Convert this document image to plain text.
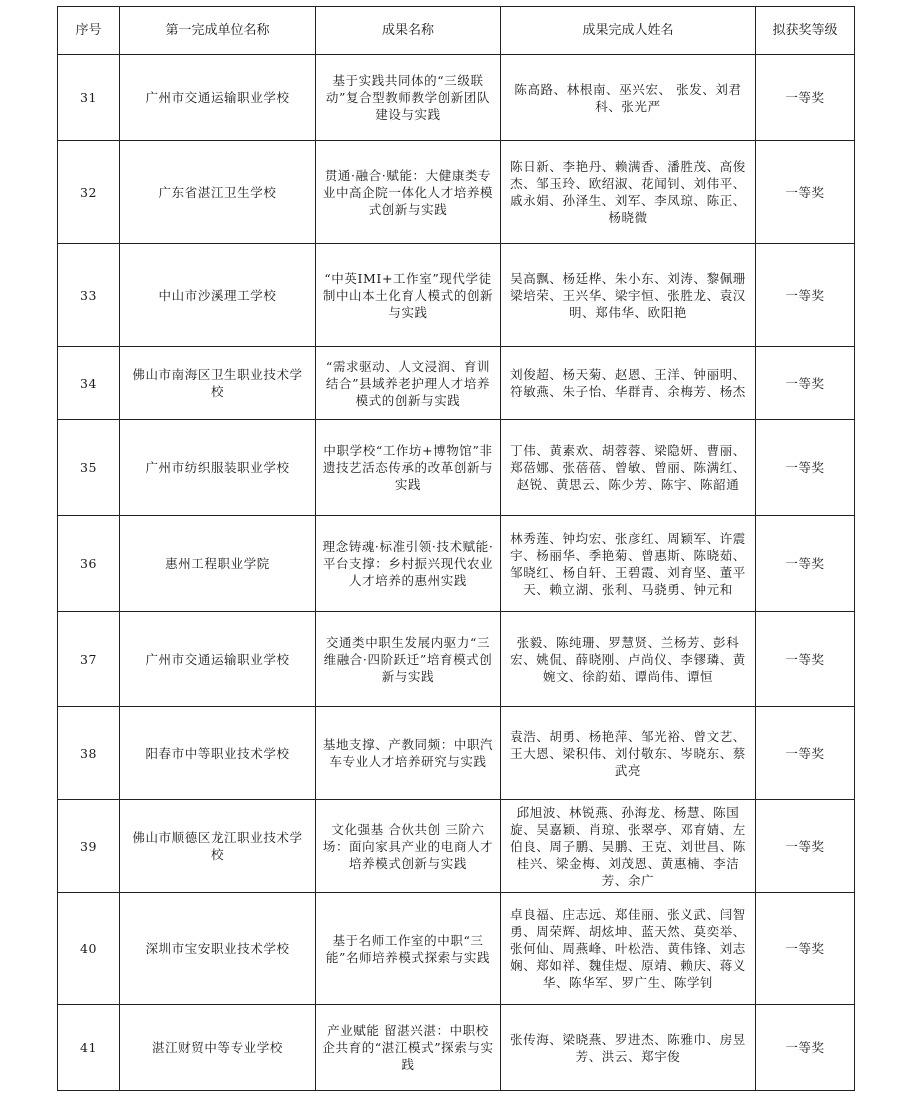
序号	第一完成单位名称	成果名称	成果完成人姓名	拟获奖等级
31	广州市交通运输职业学校	基于实践共同体的“三级联动”复合型教师教学创新团队建设与实践	陈高路、林根南、巫兴宏、 张发、刘君科、张光严	一等奖
32	广东省湛江卫生学校	贯通·融合·赋能：大健康类专业中高企院一体化人才培养模式创新与实践	陈日新、李艳丹、赖满香、潘胜茂、高俊杰、邹玉玲、欧绍淑、花闻钊、刘伟平、戚永娟、孙泽生、刘军、李凤琼、陈正、杨晓微	一等奖
33	中山市沙溪理工学校	“中英IMI+工作室”现代学徒制中山本土化育人模式的创新与实践	吴高飘、杨廷桦、朱小东、刘涛、黎佩珊梁培荣、王兴华、梁宇恒、张胜龙、袁汉明、郑伟华、欧阳艳	一等奖
34	佛山市南海区卫生职业技术学校	“需求驱动、人文浸润、育训结合”县域养老护理人才培养模式的创新与实践	刘俊超、杨天菊、赵恩、王洋、钟丽明、符敏燕、朱子怡、华群青、余梅芳、杨杰	一等奖
35	广州市纺织服装职业学校	中职学校“工作坊+博物馆”非遗技艺活态传承的改革创新与实践	丁伟、黄素欢、胡蓉蓉、梁隐妍、曹丽、郑蓓娜、张蓓蓓、曾敏、曾丽、陈满红、赵锐、黄思云、陈少芳、陈宇、陈韶通	一等奖
36	惠州工程职业学院	理念铸魂·标准引领·技术赋能·平台支撑：乡村振兴现代农业人才培养的惠州实践	林秀莲、钟均宏、张彦红、周颖军、许震宇、杨丽华、季艳菊、曾惠斯、陈晓茹、邹晓红、杨自轩、王碧霞、刘育坚、董平天、赖立湖、张利、马骁勇、钟元和	一等奖
37	广州市交通运输职业学校	交通类中职生发展内驱力“三维融合·四阶跃迁”培育模式创新与实践	张毅、陈纯珊、罗慧贤、兰杨芳、彭科宏、姚侃、薛晓刚、卢尚仪、李镠璘、黄婉文、徐韵茹、谭尚伟、谭恒	一等奖
38	阳春市中等职业技术学校	基地支撑、产教同频：中职汽车专业人才培养研究与实践	袁浩、胡勇、杨艳萍、邹光裕、曾文艺、王大恩、梁积伟、刘付敬东、岑晓东、蔡武亮	一等奖
39	佛山市顺德区龙江职业技术学校	文化强基 合伙共创 三阶六场：面向家具产业的电商人才培养模式创新与实践	邱旭波、林锐燕、孙海龙、杨慧、陈国旋、吴嘉颖、肖琼、张翠亭、邓育婧、左伯良、周子鹏、吴鹏、王克、刘世昌、陈桂兴、梁金梅、刘茂恩、黄惠楠、李洁芳、余广	一等奖
40	深圳市宝安职业技术学校	基于名师工作室的中职“三能”名师培养模式探索与实践	卓良福、庄志远、郑佳丽、张义武、闫智勇、周荣辉、胡炫坤、蓝天然、莫奕举、张何仙、周燕峰、叶松浩、黄伟锋、刘志娴、郑如祥、魏佳煜、原靖、赖庆、蒋义华、陈华军、罗广生、陈学钊	一等奖
41	湛江财贸中等专业学校	产业赋能 留湛兴湛：中职校企共育的“湛江模式”探索与实践	张传海、梁晓燕、罗进杰、陈雅巾、房昱芳、洪云、郑宇俊	一等奖
